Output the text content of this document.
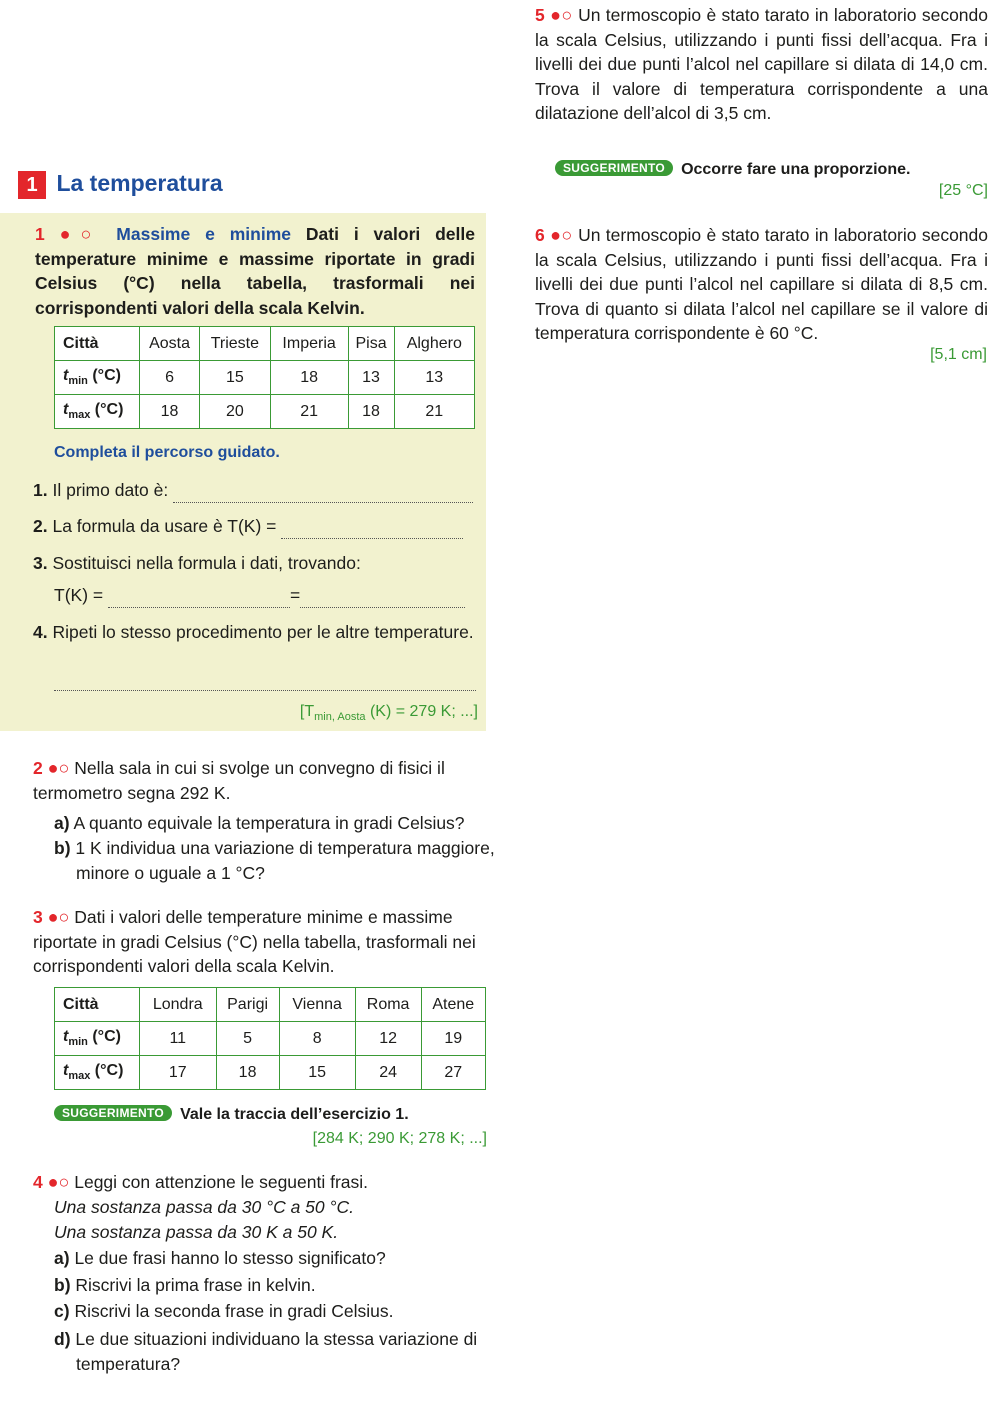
5 ●○ Un termoscopio è stato tarato in laboratorio secondo la scala Celsius, utilizzando i punti fissi dell’acqua. Fra i livelli dei due punti l’alcol nel capillare si dilata di 14,0 cm. Trova il valore di temperatura corrispondente a una dilatazione dell’alcol di 3,5 cm.
SUGGERIMENTO Occorre fare una proporzione.
[25 °C]
1 La temperatura
1 ●○ Massime e minime Dati i valori delle temperature minime e massime riportate in gradi Celsius (°C) nella tabella, trasformali nei corrispondenti valori della scala Kelvin.
Città	Aosta	Trieste	Imperia	Pisa	Alghero
$t_{min}$ (°C)	6	15	18	13	13
$t_{max}$ (°C)	18	20	21	18	21
Completa il percorso guidato.
1. Il primo dato è:
2. La formula da usare è T(K) =
3. Sostituisci nella formula i dati, trovando:
T(K) =	=
4. Ripeti lo stesso procedimento per le altre temperature.
[$T_{min, Aosta}$ (K) = 279 K; ...]
6 ●○ Un termoscopio è stato tarato in laboratorio secondo la scala Celsius, utilizzando i punti fissi dell’acqua. Fra i livelli dei due punti l’alcol nel capillare si dilata di 8,5 cm. Trova di quanto si dilata l’alcol nel capillare se il valore di temperatura corrispondente è 60 °C.
[5,1 cm]
2 ●○ Nella sala in cui si svolge un convegno di fisici il termometro segna 292 K.
a) A quanto equivale la temperatura in gradi Celsius?
b) 1 K individua una variazione di temperatura maggiore, minore o uguale a 1 °C?
3 ●○ Dati i valori delle temperature minime e massime riportate in gradi Celsius (°C) nella tabella, trasformali nei corrispondenti valori della scala Kelvin.
Città	Londra	Parigi	Vienna	Roma	Atene
$t_{min}$ (°C)	11	5	8	12	19
$t_{max}$ (°C)	17	18	15	24	27
SUGGERIMENTO Vale la traccia dell’esercizio 1.
[284 K; 290 K; 278 K; ...]
4 ●○ Leggi con attenzione le seguenti frasi.
Una sostanza passa da 30 °C a 50 °C.
Una sostanza passa da 30 K a 50 K.
a) Le due frasi hanno lo stesso significato?
b) Riscrivi la prima frase in kelvin.
c) Riscrivi la seconda frase in gradi Celsius.
d) Le due situazioni individuano la stessa variazione di temperatura?
